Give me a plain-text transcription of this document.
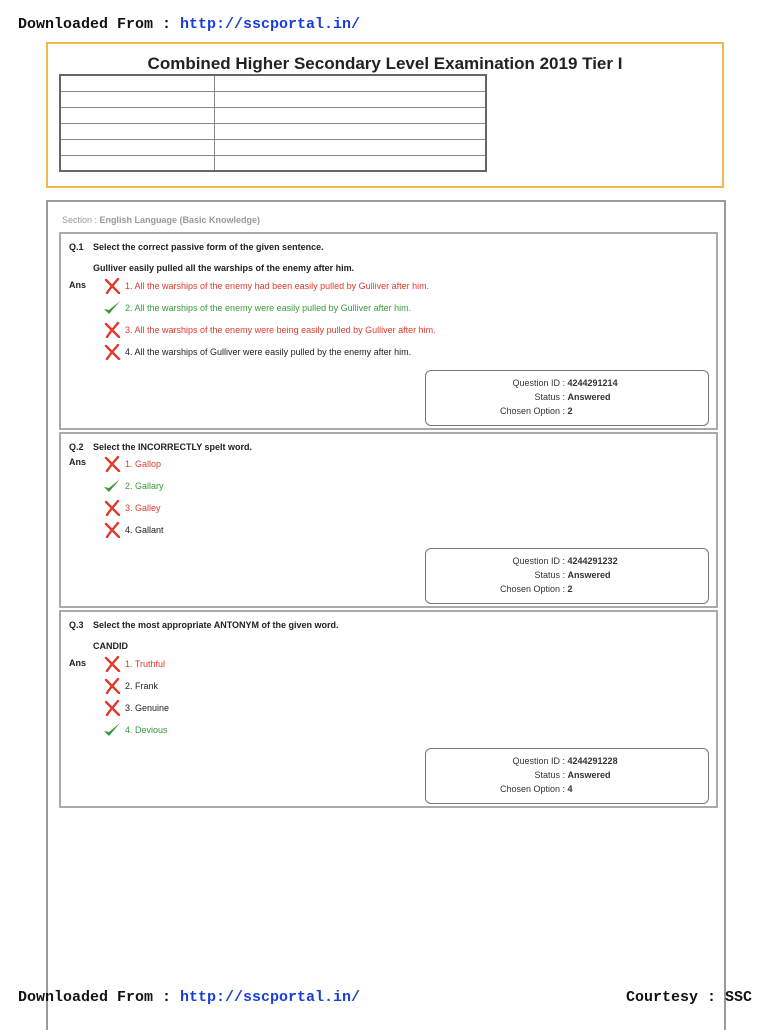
Downloaded From : http://sscportal.in/
Combined Higher Secondary Level Examination 2019 Tier I

Section : English Language (Basic Knowledge)
Q.1 Select the correct passive form of the given sentence.
Gulliver easily pulled all the warships of the enemy after him.
Ans	1. All the warships of the enemy had been easily pulled by Gulliver after him.
2. All the warships of the enemy were easily pulled by Gulliver after him.
3. All the warships of the enemy were being easily pulled by Gulliver after him.
4. All the warships of Gulliver were easily pulled by the enemy after him.
Question ID : 4244291214
Status : Answered
Chosen Option : 2
Q.2 Select the INCORRECTLY spelt word.
Ans	1. Gallop
2. Gallary
3. Galley
4. Gallant
Question ID : 4244291232
Status : Answered
Chosen Option : 2
Q.3 Select the most appropriate ANTONYM of the given word.
CANDID
Ans	1. Truthful
2. Frank
3. Genuine
4. Devious
Question ID : 4244291228
Status : Answered
Chosen Option : 4
Downloaded From : http://sscportal.in/	Courtesy : SSC
